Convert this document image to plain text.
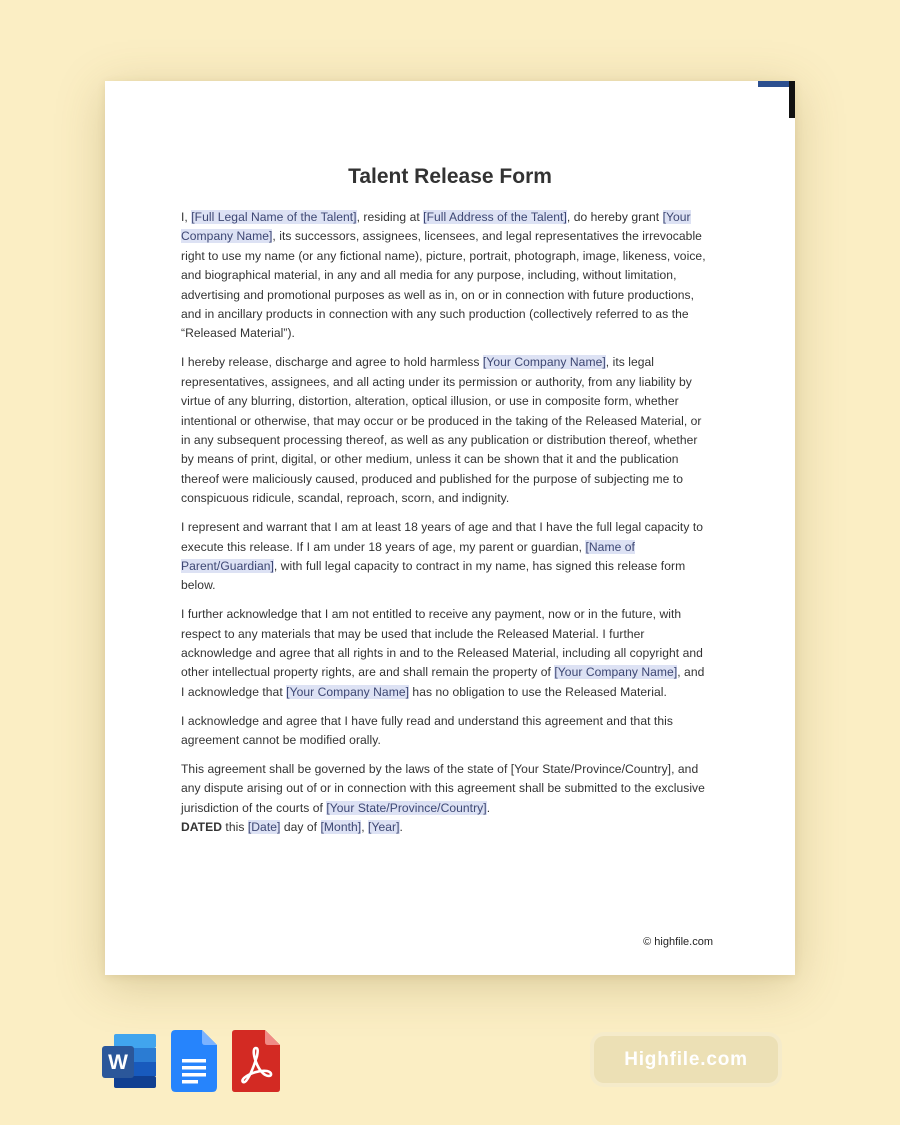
Talent Release Form

I, [Full Legal Name of the Talent], residing at [Full Address of the Talent], do hereby grant [Your Company Name], its successors, assignees, licensees, and legal representatives the irrevocable right to use my name (or any fictional name), picture, portrait, photograph, image, likeness, voice, and biographical material, in any and all media for any purpose, including, without limitation, advertising and promotional purposes as well as in, on or in connection with future productions, and in ancillary products in connection with any such production (collectively referred to as the “Released Material”).

I hereby release, discharge and agree to hold harmless [Your Company Name], its legal representatives, assignees, and all acting under its permission or authority, from any liability by virtue of any blurring, distortion, alteration, optical illusion, or use in composite form, whether intentional or otherwise, that may occur or be produced in the taking of the Released Material, or in any subsequent processing thereof, as well as any publication or distribution thereof, whether by means of print, digital, or other medium, unless it can be shown that it and the publication thereof were maliciously caused, produced and published for the purpose of subjecting me to conspicuous ridicule, scandal, reproach, scorn, and indignity.

I represent and warrant that I am at least 18 years of age and that I have the full legal capacity to execute this release. If I am under 18 years of age, my parent or guardian, [Name of Parent/Guardian], with full legal capacity to contract in my name, has signed this release form below.

I further acknowledge that I am not entitled to receive any payment, now or in the future, with respect to any materials that may be used that include the Released Material. I further acknowledge and agree that all rights in and to the Released Material, including all copyright and other intellectual property rights, are and shall remain the property of [Your Company Name], and I acknowledge that [Your Company Name] has no obligation to use the Released Material.

I acknowledge and agree that I have fully read and understand this agreement and that this agreement cannot be modified orally.

This agreement shall be governed by the laws of the state of [Your State/Province/Country], and any dispute arising out of or in connection with this agreement shall be submitted to the exclusive jurisdiction of the courts of [Your State/Province/Country].

DATED this [Date] day of [Month], [Year].

© highfile.com
W	Highfile.com
